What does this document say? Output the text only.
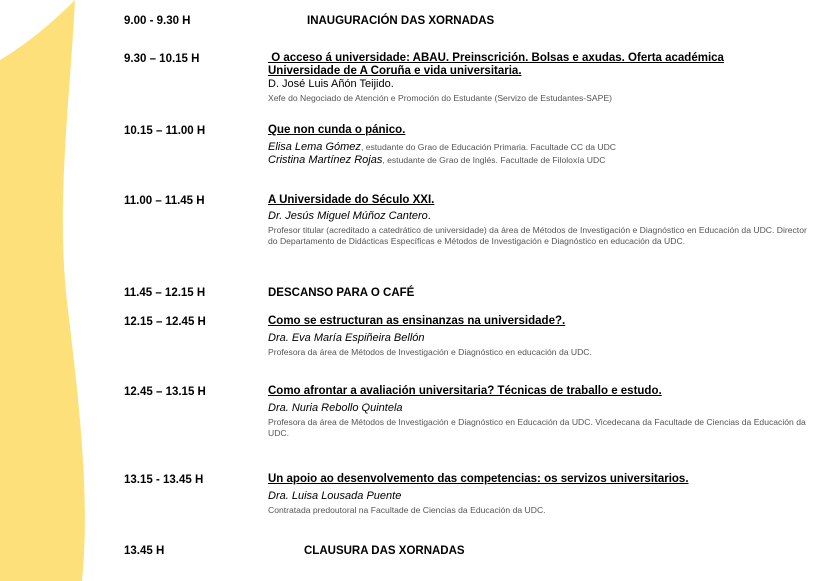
9.00 - 9.30 H	INAUGURACIÓN DAS XORNADAS
9.30 – 10.15 H	O acceso á universidade: ABAU. Preinscrición. Bolsas e axudas. Oferta académica
Universidade de A Coruña e vida universitaria.
D. José Luis Añón Teijido.
Xefe do Negociado de Atención e Promoción do Estudante (Servizo de Estudantes-SAPE)
10.15 – 11.00 H	Que non cunda o pánico.
Elisa Lema Gómez, estudante do Grao de Educación Primaria. Facultade CC da UDC
Cristina Martínez Rojas, estudante de Grao de Inglés. Facultade de Filoloxía UDC
11.00 – 11.45 H	A Universidade do Século XXI.
Dr. Jesús Miguel Múñoz Cantero.
Profesor titular (acreditado a catedrático de universidade) da área de Métodos de Investigación e Diagnóstico en Educación da UDC. Director do Departamento de Didácticas Específicas e Métodos de Investigación e Diagnóstico en educación da UDC.
11.45 – 12.15 H	DESCANSO PARA O CAFÉ
12.15 – 12.45 H	Como se estructuran as ensinanzas na universidade?.
Dra. Eva María Espiñeira Bellón
Profesora da área de Métodos de Investigación e Diagnóstico en educación da UDC.
12.45 – 13.15 H	Como afrontar a avaliación universitaria? Técnicas de traballo e estudo.
Dra. Nuria Rebollo Quintela
Profesora da área de Métodos de Investigación e Diagnóstico en Educación da UDC. Vicedecana da Facultade de Ciencias da Educación da UDC.
13.15 - 13.45 H	Un apoio ao desenvolvemento das competencias: os servizos universitarios.
Dra. Luisa Lousada Puente
Contratada predoutoral na Facultade de Ciencias da Educación da UDC.
13.45 H	CLAUSURA DAS XORNADAS
